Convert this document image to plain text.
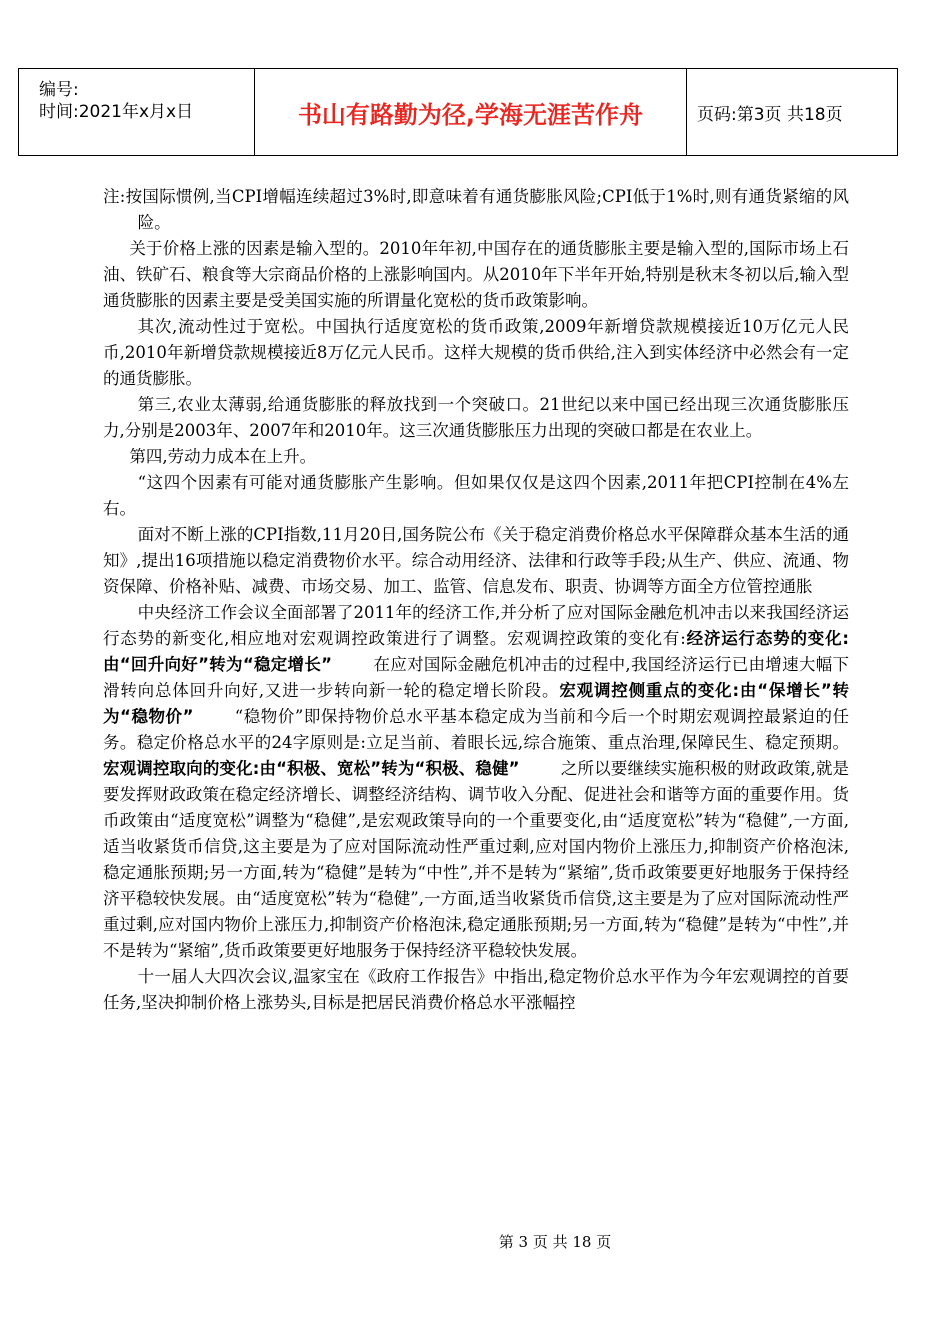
编号:
时间:2021年x月x日	书山有路勤为径,学海无涯苦作舟	页码:第3页 共18页

注:按国际惯例,当CPI增幅连续超过3%时,即意味着有通货膨胀风险;CPI低于1%时,则有通货紧缩的风险。

关于价格上涨的因素是输入型的。2010年年初,中国存在的通货膨胀主要是输入型的,国际市场上石油、铁矿石、粮食等大宗商品价格的上涨影响国内。从2010年下半年开始,特别是秋末冬初以后,输入型通货膨胀的因素主要是受美国实施的所谓量化宽松的货币政策影响。

其次,流动性过于宽松。中国执行适度宽松的货币政策,2009年新增贷款规模接近10万亿元人民币,2010年新增贷款规模接近8万亿元人民币。这样大规模的货币供给,注入到实体经济中必然会有一定的通货膨胀。

第三,农业太薄弱,给通货膨胀的释放找到一个突破口。21世纪以来中国已经出现三次通货膨胀压力,分别是2003年、2007年和2010年。这三次通货膨胀压力出现的突破口都是在农业上。

第四,劳动力成本在上升。

“这四个因素有可能对通货膨胀产生影响。但如果仅仅是这四个因素,2011年把CPI控制在4%左右。

面对不断上涨的CPI指数,11月20日,国务院公布《关于稳定消费价格总水平保障群众基本生活的通知》,提出16项措施以稳定消费物价水平。综合动用经济、法律和行政等手段;从生产、供应、流通、物资保障、价格补贴、减费、市场交易、加工、监管、信息发布、职责、协调等方面全方位管控通胀

中央经济工作会议全面部署了2011年的经济工作,并分析了应对国际金融危机冲击以来我国经济运行态势的新变化,相应地对宏观调控政策进行了调整。宏观调控政策的变化有:经济运行态势的变化:由“回升向好”转为“稳定增长”	在应对国际金融危机冲击的过程中,我国经济运行已由增速大幅下滑转向总体回升向好,又进一步转向新一轮的稳定增长阶段。宏观调控侧重点的变化:由“保增长”转为“稳物价”	“稳物价”即保持物价总水平基本稳定成为当前和今后一个时期宏观调控最紧迫的任务。稳定价格总水平的24字原则是:立足当前、着眼长远,综合施策、重点治理,保障民生、稳定预期。宏观调控取向的变化:由“积极、宽松”转为“积极、稳健”	之所以要继续实施积极的财政政策,就是要发挥财政政策在稳定经济增长、调整经济结构、调节收入分配、促进社会和谐等方面的重要作用。货币政策由“适度宽松”调整为“稳健”,是宏观政策导向的一个重要变化,由“适度宽松”转为“稳健”,一方面,适当收紧货币信贷,这主要是为了应对国际流动性严重过剩,应对国内物价上涨压力,抑制资产价格泡沫,稳定通胀预期;另一方面,转为“稳健”是转为“中性”,并不是转为“紧缩”,货币政策要更好地服务于保持经济平稳较快发展。由“适度宽松”转为“稳健”,一方面,适当收紧货币信贷,这主要是为了应对国际流动性严重过剩,应对国内物价上涨压力,抑制资产价格泡沫,稳定通胀预期;另一方面,转为“稳健”是转为“中性”,并不是转为“紧缩”,货币政策要更好地服务于保持经济平稳较快发展。

十一届人大四次会议,温家宝在《政府工作报告》中指出,稳定物价总水平作为今年宏观调控的首要任务,坚决抑制价格上涨势头,目标是把居民消费价格总水平涨幅控

第 3 页 共 18 页
